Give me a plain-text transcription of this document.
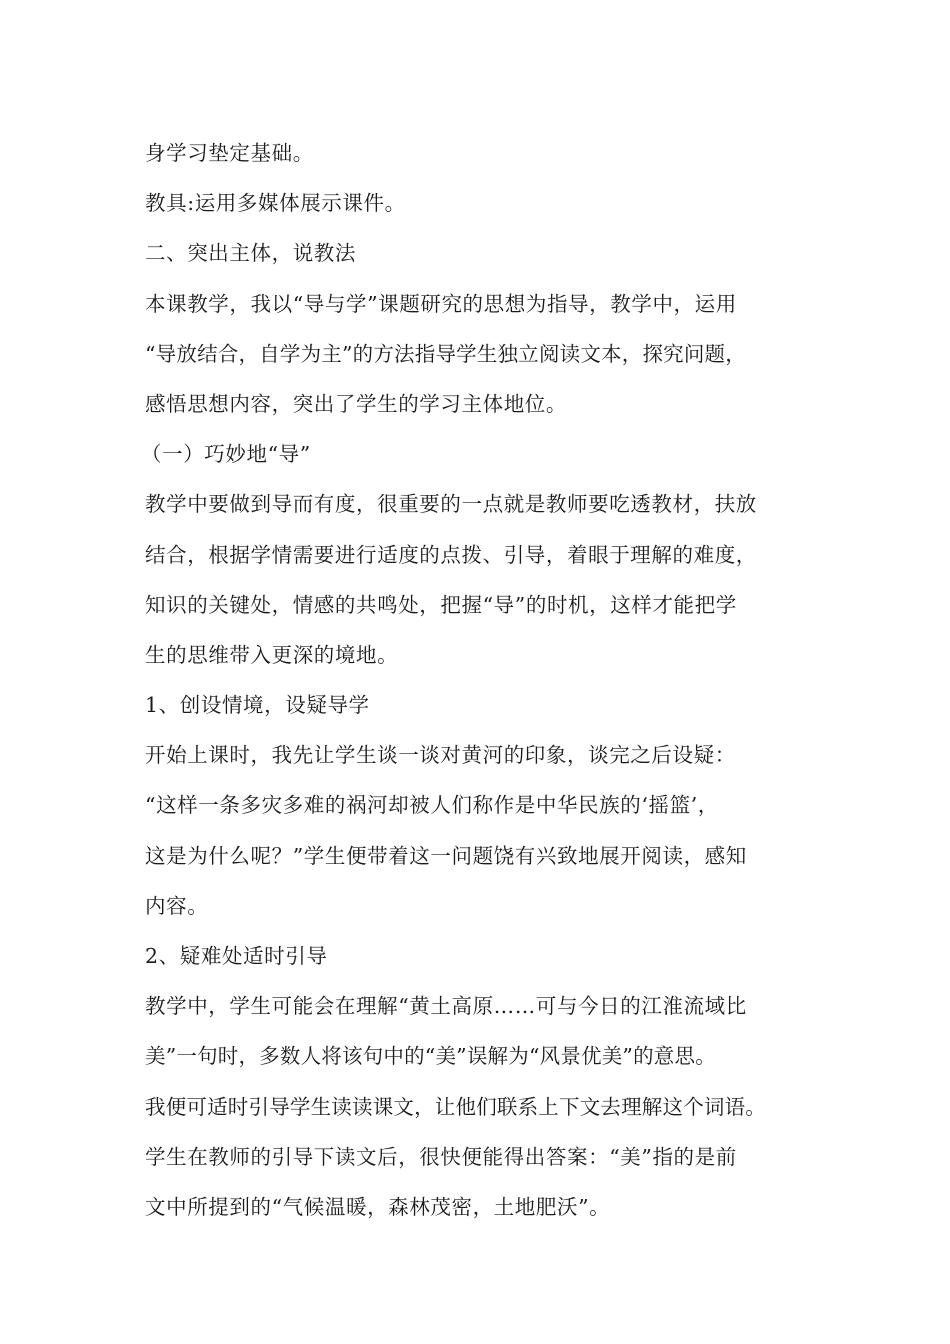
身学习垫定基础。
教具:运用多媒体展示课件。
二、突出主体，说教法
本课教学，我以“导与学”课题研究的思想为指导，教学中，运用
“导放结合，自学为主”的方法指导学生独立阅读文本，探究问题，
感悟思想内容，突出了学生的学习主体地位。
（一）巧妙地“导”
教学中要做到导而有度，很重要的一点就是教师要吃透教材，扶放
结合，根据学情需要进行适度的点拨、引导，着眼于理解的难度，
知识的关键处，情感的共鸣处，把握“导”的时机，这样才能把学
生的思维带入更深的境地。
1、创设情境，设疑导学
开始上课时，我先让学生谈一谈对黄河的印象，谈完之后设疑：
“这样一条多灾多难的祸河却被人们称作是中华民族的‘摇篮’，
这是为什么呢？”学生便带着这一问题饶有兴致地展开阅读，感知
内容。
2、疑难处适时引导
教学中，学生可能会在理解“黄土高原……可与今日的江淮流域比
美”一句时，多数人将该句中的“美”误解为“风景优美”的意思。
我便可适时引导学生读读课文，让他们联系上下文去理解这个词语。
学生在教师的引导下读文后，很快便能得出答案：“美”指的是前
文中所提到的“气候温暖，森林茂密，土地肥沃”。
